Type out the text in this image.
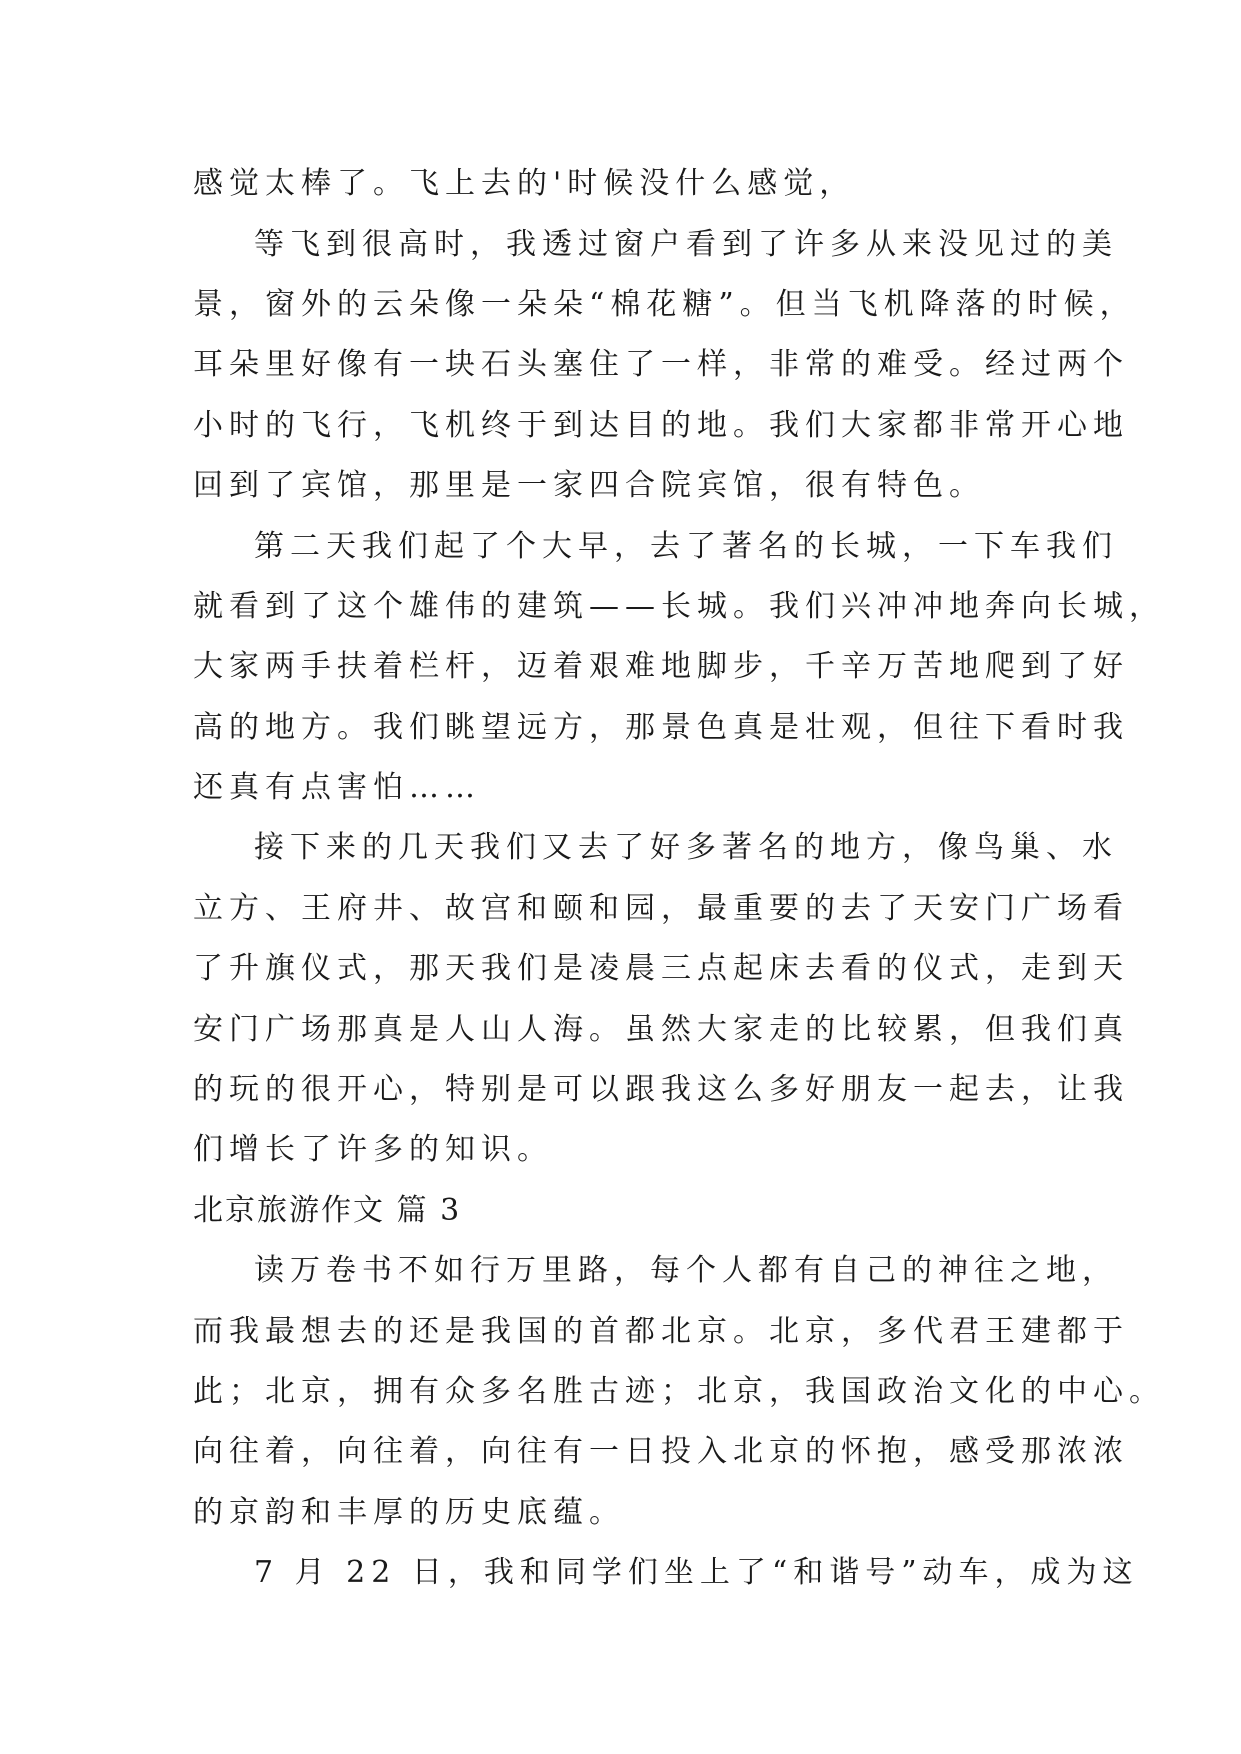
感觉太棒了。飞上去的'时候没什么感觉，
等飞到很高时，我透过窗户看到了许多从来没见过的美
景，窗外的云朵像一朵朵“棉花糖”。但当飞机降落的时候，
耳朵里好像有一块石头塞住了一样，非常的难受。经过两个
小时的飞行，飞机终于到达目的地。我们大家都非常开心地
回到了宾馆，那里是一家四合院宾馆，很有特色。
第二天我们起了个大早，去了著名的长城，一下车我们
就看到了这个雄伟的建筑——长城。我们兴冲冲地奔向长城，
大家两手扶着栏杆，迈着艰难地脚步，千辛万苦地爬到了好
高的地方。我们眺望远方，那景色真是壮观，但往下看时我
还真有点害怕……
接下来的几天我们又去了好多著名的地方，像鸟巢、水
立方、王府井、故宫和颐和园，最重要的去了天安门广场看
了升旗仪式，那天我们是凌晨三点起床去看的仪式，走到天
安门广场那真是人山人海。虽然大家走的比较累，但我们真
的玩的很开心，特别是可以跟我这么多好朋友一起去，让我
们增长了许多的知识。
北京旅游作文 篇 3
读万卷书不如行万里路，每个人都有自己的神往之地，
而我最想去的还是我国的首都北京。北京，多代君王建都于
此；北京，拥有众多名胜古迹；北京，我国政治文化的中心。
向往着，向往着，向往有一日投入北京的怀抱，感受那浓浓
的京韵和丰厚的历史底蕴。
7 月 22 日，我和同学们坐上了“和谐号”动车，成为这
